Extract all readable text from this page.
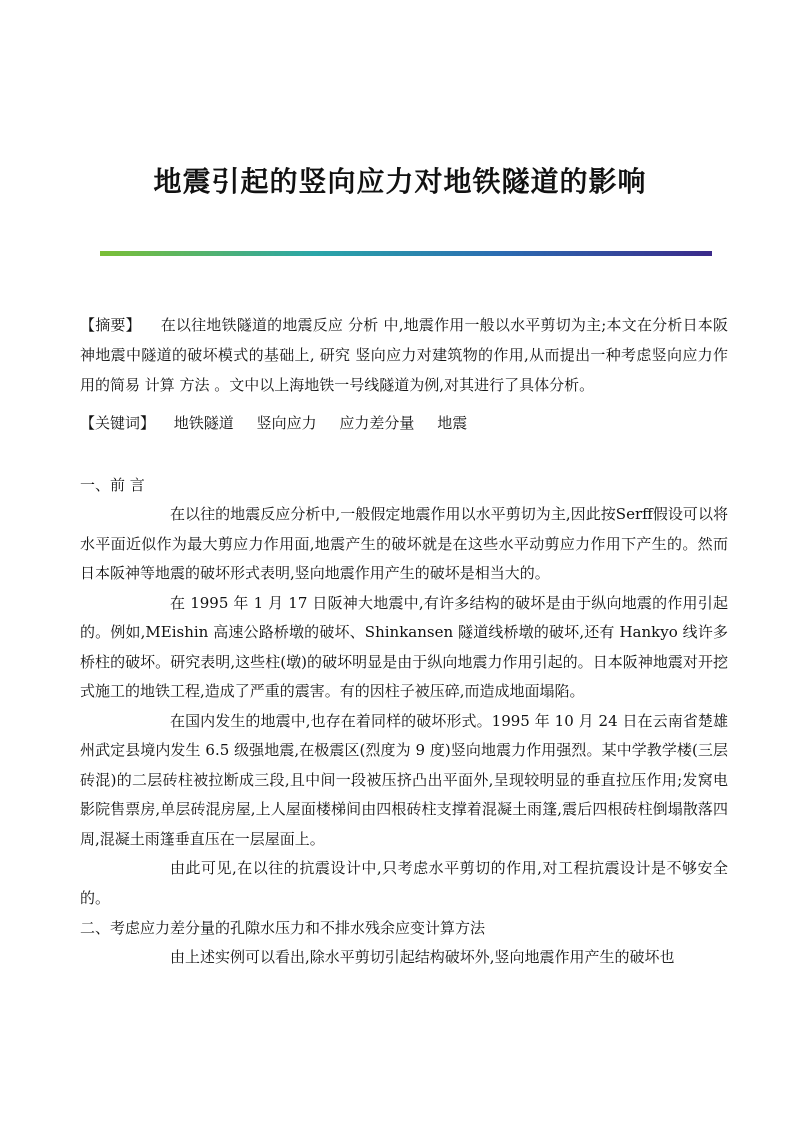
地震引起的竖向应力对地铁隧道的影响

【摘要】 在以往地铁隧道的地震反应 分析 中,地震作用一般以水平剪切为主;本文在分析日本阪神地震中隧道的破坏模式的基础上, 研究 竖向应力对建筑物的作用,从而提出一种考虑竖向应力作用的简易 计算 方法 。文中以上海地铁一号线隧道为例,对其进行了具体分析。

【关键词】 地铁隧道 竖向应力 应力差分量 地震

一、前 言

在以往的地震反应分析中,一般假定地震作用以水平剪切为主,因此按Serff假设可以将水平面近似作为最大剪应力作用面,地震产生的破坏就是在这些水平动剪应力作用下产生的。然而日本阪神等地震的破坏形式表明,竖向地震作用产生的破坏是相当大的。

在 1995 年 1 月 17 日阪神大地震中,有许多结构的破坏是由于纵向地震的作用引起的。例如,MEishin 高速公路桥墩的破坏、Shinkansen 隧道线桥墩的破坏,还有 Hankyo 线许多桥柱的破坏。研究表明,这些柱(墩)的破坏明显是由于纵向地震力作用引起的。日本阪神地震对开挖式施工的地铁工程,造成了严重的震害。有的因柱子被压碎,而造成地面塌陷。

在国内发生的地震中,也存在着同样的破坏形式。1995 年 10 月 24 日在云南省楚雄州武定县境内发生 6.5 级强地震,在极震区(烈度为 9 度)竖向地震力作用强烈。某中学教学楼(三层砖混)的二层砖柱被拉断成三段,且中间一段被压挤凸出平面外,呈现较明显的垂直拉压作用;发窝电影院售票房,单层砖混房屋,上人屋面楼梯间由四根砖柱支撑着混凝土雨篷,震后四根砖柱倒塌散落四周,混凝土雨篷垂直压在一层屋面上。

由此可见,在以往的抗震设计中,只考虑水平剪切的作用,对工程抗震设计是不够安全的。

二、考虑应力差分量的孔隙水压力和不排水残余应变计算方法

由上述实例可以看出,除水平剪切引起结构破坏外,竖向地震作用产生的破坏也
